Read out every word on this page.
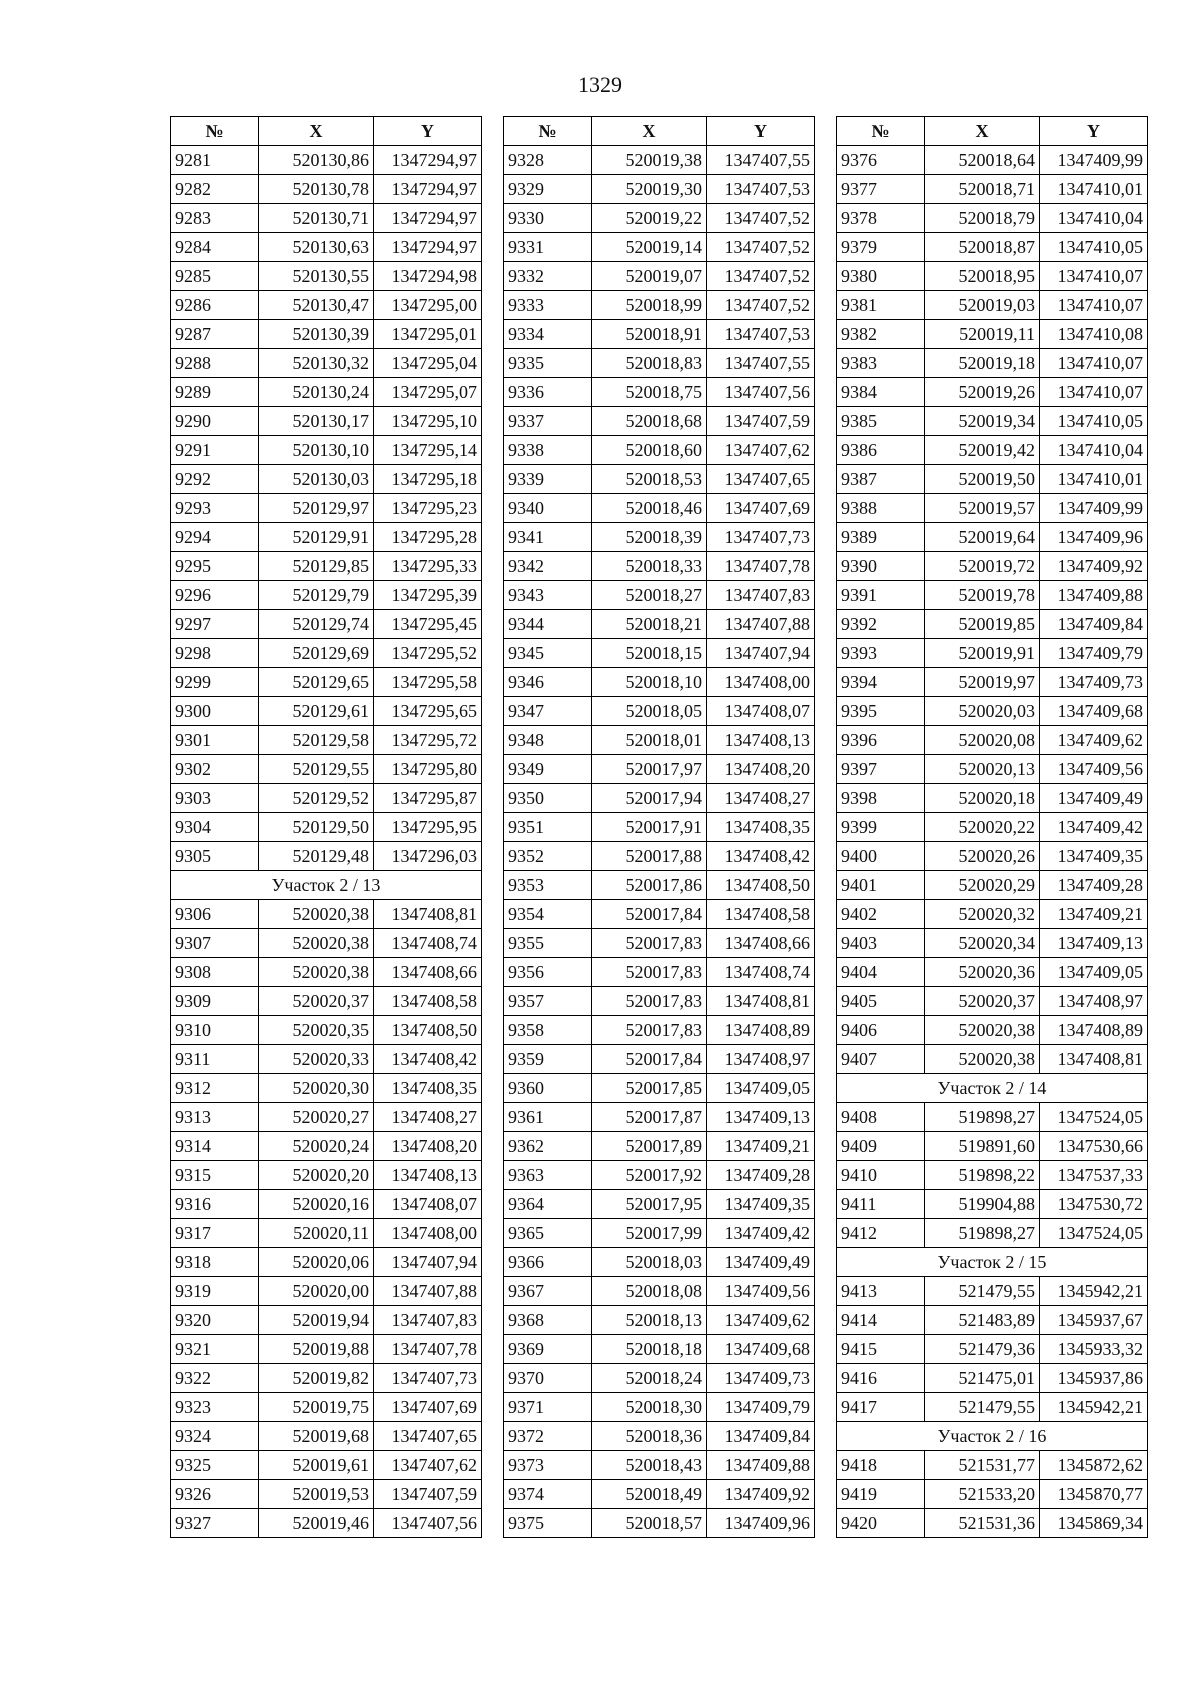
1329
№	X	Y
9281	520130,86	1347294,97
9282	520130,78	1347294,97
9283	520130,71	1347294,97
9284	520130,63	1347294,97
9285	520130,55	1347294,98
9286	520130,47	1347295,00
9287	520130,39	1347295,01
9288	520130,32	1347295,04
9289	520130,24	1347295,07
9290	520130,17	1347295,10
9291	520130,10	1347295,14
9292	520130,03	1347295,18
9293	520129,97	1347295,23
9294	520129,91	1347295,28
9295	520129,85	1347295,33
9296	520129,79	1347295,39
9297	520129,74	1347295,45
9298	520129,69	1347295,52
9299	520129,65	1347295,58
9300	520129,61	1347295,65
9301	520129,58	1347295,72
9302	520129,55	1347295,80
9303	520129,52	1347295,87
9304	520129,50	1347295,95
9305	520129,48	1347296,03
Участок 2 / 13		
9306	520020,38	1347408,81
9307	520020,38	1347408,74
9308	520020,38	1347408,66
9309	520020,37	1347408,58
9310	520020,35	1347408,50
9311	520020,33	1347408,42
9312	520020,30	1347408,35
9313	520020,27	1347408,27
9314	520020,24	1347408,20
9315	520020,20	1347408,13
9316	520020,16	1347408,07
9317	520020,11	1347408,00
9318	520020,06	1347407,94
9319	520020,00	1347407,88
9320	520019,94	1347407,83
9321	520019,88	1347407,78
9322	520019,82	1347407,73
9323	520019,75	1347407,69
9324	520019,68	1347407,65
9325	520019,61	1347407,62
9326	520019,53	1347407,59
9327	520019,46	1347407,56
№	X	Y
9328	520019,38	1347407,55
9329	520019,30	1347407,53
9330	520019,22	1347407,52
9331	520019,14	1347407,52
9332	520019,07	1347407,52
9333	520018,99	1347407,52
9334	520018,91	1347407,53
9335	520018,83	1347407,55
9336	520018,75	1347407,56
9337	520018,68	1347407,59
9338	520018,60	1347407,62
9339	520018,53	1347407,65
9340	520018,46	1347407,69
9341	520018,39	1347407,73
9342	520018,33	1347407,78
9343	520018,27	1347407,83
9344	520018,21	1347407,88
9345	520018,15	1347407,94
9346	520018,10	1347408,00
9347	520018,05	1347408,07
9348	520018,01	1347408,13
9349	520017,97	1347408,20
9350	520017,94	1347408,27
9351	520017,91	1347408,35
9352	520017,88	1347408,42
9353	520017,86	1347408,50
9354	520017,84	1347408,58
9355	520017,83	1347408,66
9356	520017,83	1347408,74
9357	520017,83	1347408,81
9358	520017,83	1347408,89
9359	520017,84	1347408,97
9360	520017,85	1347409,05
9361	520017,87	1347409,13
9362	520017,89	1347409,21
9363	520017,92	1347409,28
9364	520017,95	1347409,35
9365	520017,99	1347409,42
9366	520018,03	1347409,49
9367	520018,08	1347409,56
9368	520018,13	1347409,62
9369	520018,18	1347409,68
9370	520018,24	1347409,73
9371	520018,30	1347409,79
9372	520018,36	1347409,84
9373	520018,43	1347409,88
9374	520018,49	1347409,92
9375	520018,57	1347409,96
№	X	Y
9376	520018,64	1347409,99
9377	520018,71	1347410,01
9378	520018,79	1347410,04
9379	520018,87	1347410,05
9380	520018,95	1347410,07
9381	520019,03	1347410,07
9382	520019,11	1347410,08
9383	520019,18	1347410,07
9384	520019,26	1347410,07
9385	520019,34	1347410,05
9386	520019,42	1347410,04
9387	520019,50	1347410,01
9388	520019,57	1347409,99
9389	520019,64	1347409,96
9390	520019,72	1347409,92
9391	520019,78	1347409,88
9392	520019,85	1347409,84
9393	520019,91	1347409,79
9394	520019,97	1347409,73
9395	520020,03	1347409,68
9396	520020,08	1347409,62
9397	520020,13	1347409,56
9398	520020,18	1347409,49
9399	520020,22	1347409,42
9400	520020,26	1347409,35
9401	520020,29	1347409,28
9402	520020,32	1347409,21
9403	520020,34	1347409,13
9404	520020,36	1347409,05
9405	520020,37	1347408,97
9406	520020,38	1347408,89
9407	520020,38	1347408,81
Участок 2 / 14		
9408	519898,27	1347524,05
9409	519891,60	1347530,66
9410	519898,22	1347537,33
9411	519904,88	1347530,72
9412	519898,27	1347524,05
Участок 2 / 15		
9413	521479,55	1345942,21
9414	521483,89	1345937,67
9415	521479,36	1345933,32
9416	521475,01	1345937,86
9417	521479,55	1345942,21
Участок 2 / 16		
9418	521531,77	1345872,62
9419	521533,20	1345870,77
9420	521531,36	1345869,34
